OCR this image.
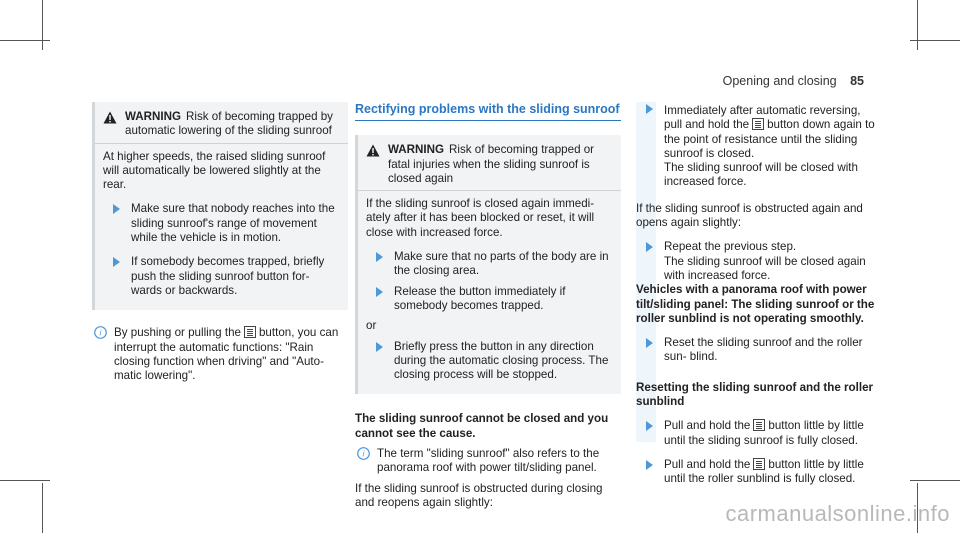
Opening and closing 85

WARNING Risk of becoming trapped by automatic lowering of the sliding sunroof

At higher speeds, the raised sliding sunroof will automatically be lowered slightly at the rear.

Make sure that nobody reaches into the sliding sunroof's range of movement while the vehicle is in motion.

If somebody becomes trapped, briefly push the sliding sunroof button for- wards or backwards.

i By pushing or pulling the button, you can interrupt the automatic functions: "Rain closing function when driving" and "Auto- matic lowering".

Rectifying problems with the sliding sunroof

WARNING Risk of becoming trapped or fatal injuries when the sliding sunroof is closed again

If the sliding sunroof is closed again immedi- ately after it has been blocked or reset, it will close with increased force.

Make sure that no parts of the body are in the closing area.

Release the button immediately if somebody becomes trapped.

or

Briefly press the button in any direction during the automatic closing process. The closing process will be stopped.

The sliding sunroof cannot be closed and you cannot see the cause.

i The term "sliding sunroof" also refers to the panorama roof with power tilt/sliding panel.

If the sliding sunroof is obstructed during closing and reopens again slightly:

Immediately after automatic reversing, pull and hold the button down again to the point of resistance until the sliding sunroof is closed.

The sliding sunroof will be closed with increased force.

If the sliding sunroof is obstructed again and opens again slightly:

Repeat the previous step.

The sliding sunroof will be closed again with increased force.

Vehicles with a panorama roof with power tilt/sliding panel: The sliding sunroof or the roller sunblind is not operating smoothly.

Reset the sliding sunroof and the roller sun- blind.

Resetting the sliding sunroof and the roller sunblind

Pull and hold the button little by little until the sliding sunroof is fully closed.

Pull and hold the button little by little until the roller sunblind is fully closed.

carmanualsonline.info
